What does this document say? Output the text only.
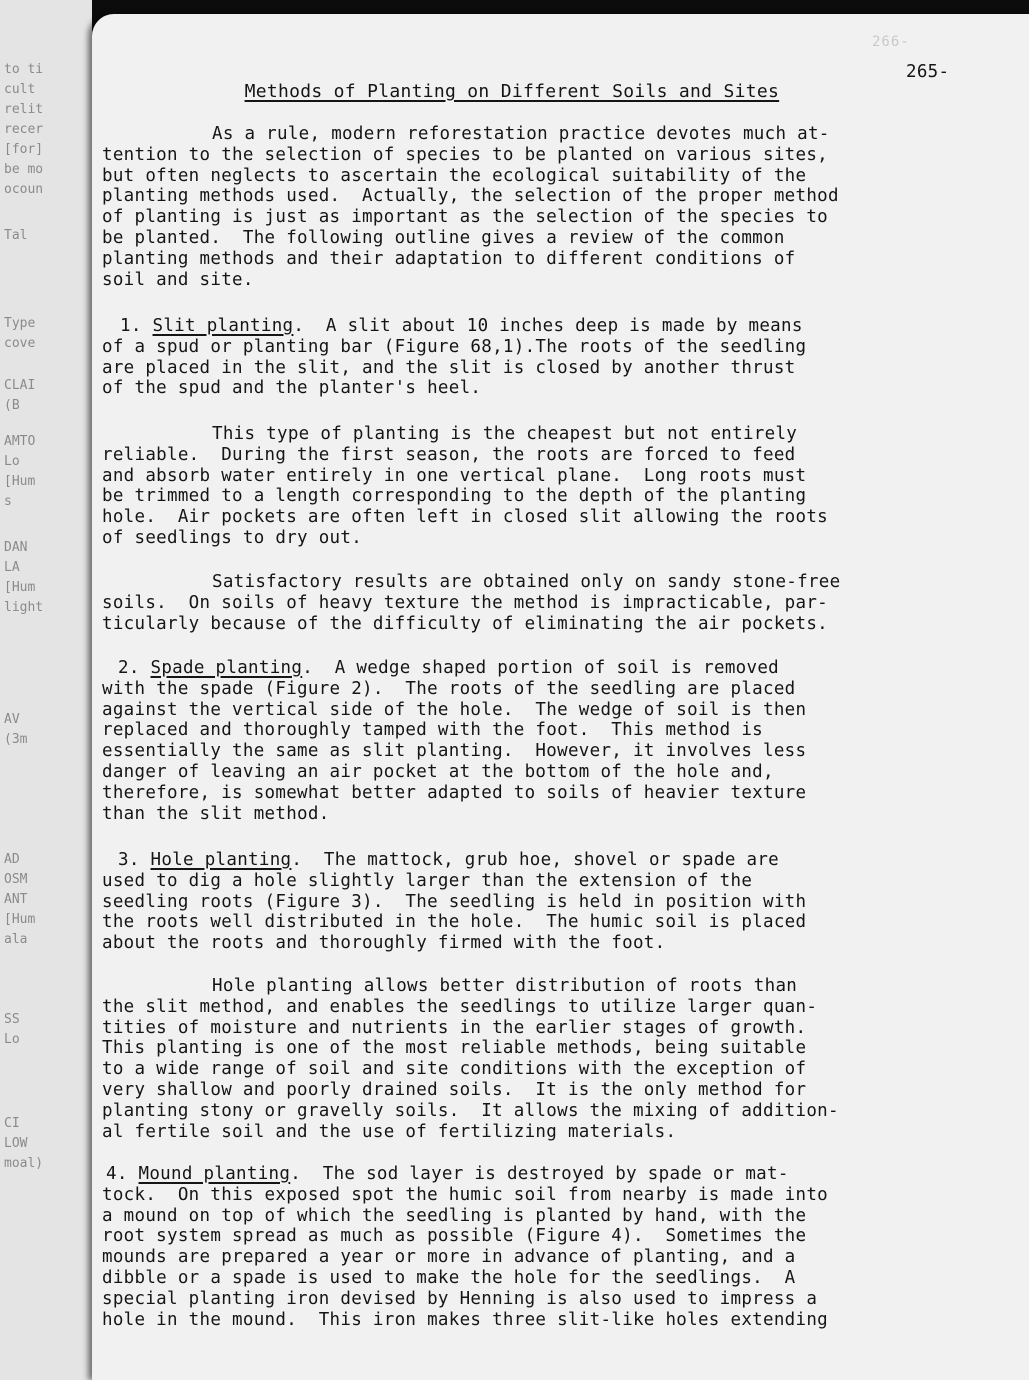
to ti
cult
relit
recer
[for]
be mo
ocoun
Tal
Type
cove
CLAI
(B
AMTO
Lo
[Hum
s
DAN
LA
[Hum
light
AV
(3m
AD
OSM
ANT
[Hum
ala
SS
Lo
CI
LOW
moal)
266-

Methods of Planting on Different Soils and Sites

265-
As a rule, modern reforestation practice devotes much at-
tention to the selection of species to be planted on various sites,
but often neglects to ascertain the ecological suitability of the
planting methods used.  Actually, the selection of the proper method
of planting is just as important as the selection of the species to
be planted.  The following outline gives a review of the common
planting methods and their adaptation to different conditions of
soil and site.
1. Slit planting.  A slit about 10 inches deep is made by means
of a spud or planting bar (Figure 68,1).The roots of the seedling
are placed in the slit, and the slit is closed by another thrust
of the spud and the planter's heel.
This type of planting is the cheapest but not entirely
reliable.  During the first season, the roots are forced to feed
and absorb water entirely in one vertical plane.  Long roots must
be trimmed to a length corresponding to the depth of the planting
hole.  Air pockets are often left in closed slit allowing the roots
of seedlings to dry out.
Satisfactory results are obtained only on sandy stone-free
soils.  On soils of heavy texture the method is impracticable, par-
ticularly because of the difficulty of eliminating the air pockets.
2. Spade planting.  A wedge shaped portion of soil is removed
with the spade (Figure 2).  The roots of the seedling are placed
against the vertical side of the hole.  The wedge of soil is then
replaced and thoroughly tamped with the foot.  This method is
essentially the same as slit planting.  However, it involves less
danger of leaving an air pocket at the bottom of the hole and,
therefore, is somewhat better adapted to soils of heavier texture
than the slit method.
3. Hole planting.  The mattock, grub hoe, shovel or spade are
used to dig a hole slightly larger than the extension of the
seedling roots (Figure 3).  The seedling is held in position with
the roots well distributed in the hole.  The humic soil is placed
about the roots and thoroughly firmed with the foot.
Hole planting allows better distribution of roots than
the slit method, and enables the seedlings to utilize larger quan-
tities of moisture and nutrients in the earlier stages of growth.
This planting is one of the most reliable methods, being suitable
to a wide range of soil and site conditions with the exception of
very shallow and poorly drained soils.  It is the only method for
planting stony or gravelly soils.  It allows the mixing of addition-
al fertile soil and the use of fertilizing materials.
4. Mound planting.  The sod layer is destroyed by spade or mat-
tock.  On this exposed spot the humic soil from nearby is made into
a mound on top of which the seedling is planted by hand, with the
root system spread as much as possible (Figure 4).  Sometimes the
mounds are prepared a year or more in advance of planting, and a
dibble or a spade is used to make the hole for the seedlings.  A
special planting iron devised by Henning is also used to impress a
hole in the mound.  This iron makes three slit-like holes extending
